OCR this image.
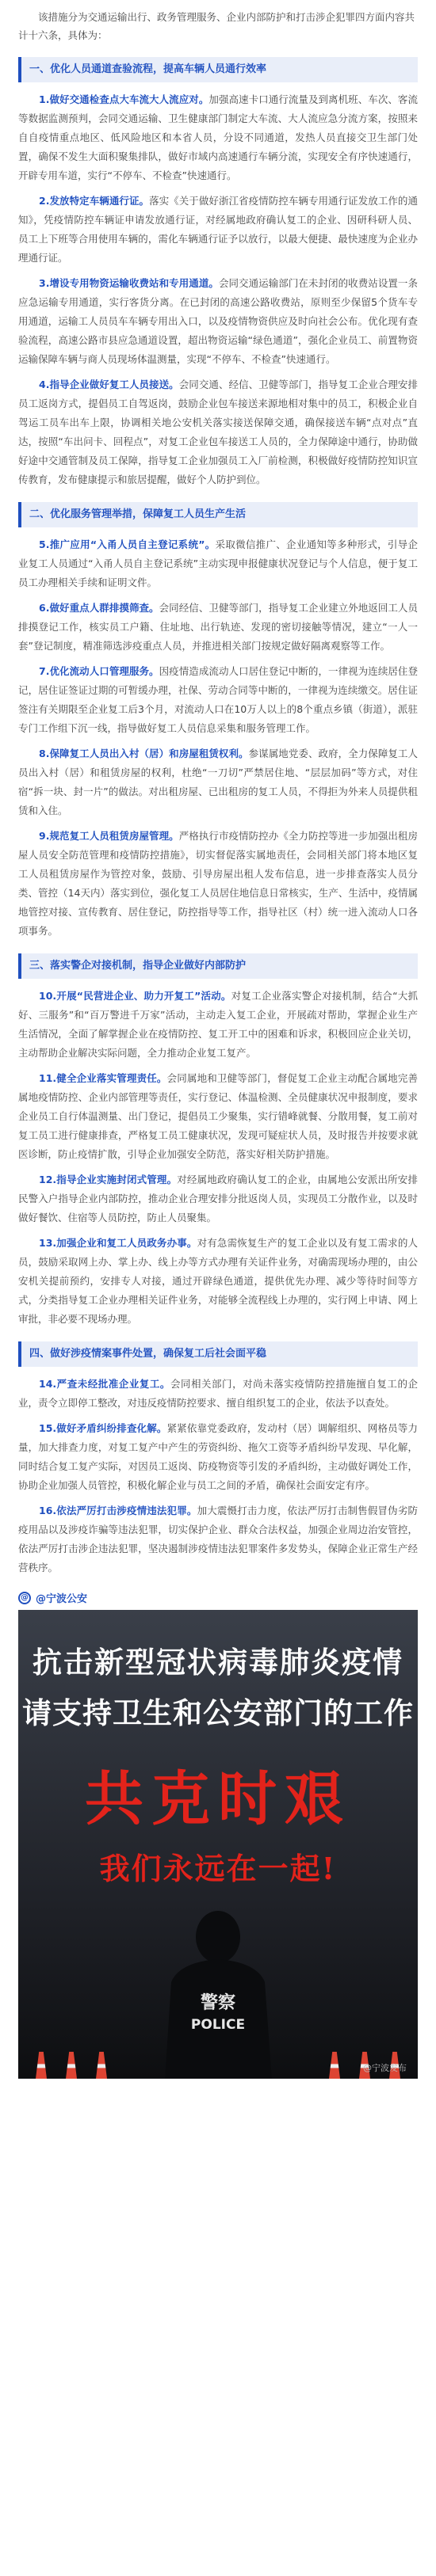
该措施分为交通运输出行、政务管理服务、企业内部防护和打击涉企犯罪四方面内容共计十六条，具体为：

一、优化人员通道查验流程，提高车辆人员通行效率

1.做好交通检查点大车流大人流应对。加强高速卡口通行流量及到离机班、车次、客流等数据监测预判，会同交通运输、卫生健康部门制定大车流、大人流应急分流方案，按照来自自疫情重点地区、低风险地区和本省人员，分设不同通道，发热人员直接交卫生部门处置，确保不发生大面积聚集排队，做好市域内高速通行车辆分流，实现安全有序快速通行，开辟专用车道，实行“不停车、不检查”快速通行。

2.发放特定车辆通行证。落实《关于做好浙江省疫情防控车辆专用通行证发放工作的通知》，凭疫情防控车辆证申请发放通行证，对经属地政府确认复工的企业、因研科研人员、员工上下班等合用使用车辆的，需化车辆通行证予以放行，以最大便捷、最快速度为企业办理通行证。

3.增设专用物资运输收费站和专用通道。会同交通运输部门在未封闭的收费站设置一条应急运输专用通道，实行客货分离。在已封闭的高速公路收费站，原则至少保留5个货车专用通道，运输工人员员车车辆专用出入口，以及疫情物资供应及时向社会公布。优化现有查验流程，高速公路市县应急通道设置，超出物资运输“绿色通道”，强化企业员工、前置物资运输保障车辆与商人员现场体温测量，实现“不停车、不检查”快速通行。

4.指导企业做好复工人员接送。会同交通、经信、卫健等部门，指导复工企业合理安排员工返岗方式，提倡员工自驾返岗，鼓励企业包车接送来源地相对集中的员工，积极企业自驾运工员车出车上限，协调相关地公安机关落实接送保障交通，确保接送车辆“点对点”直达，按照“车出问卡、回程点”，对复工企业包车接送工人员的，全力保障途中通行，协助做好途中交通管制及员工保障，指导复工企业加强员工入厂前检测，积极做好疫情防控知识宣传教育，发布健康提示和旅居提醒，做好个人防护到位。

二、优化服务管理举措，保障复工人员生产生活

5.推广应用“入甬人员自主登记系统”。采取微信推广、企业通知等多种形式，引导企业复工人员通过“入甬人员自主登记系统”主动实现申报健康状况登记与个人信息，便于复工员工办理相关手续和证明文件。

6.做好重点人群排摸筛查。会同经信、卫健等部门，指导复工企业建立外地返回工人员排摸登记工作，核实员工户籍、住址地、出行轨迹、发现的密切接触等情况，建立“一人一套”登记制度，精准筛选涉疫重点人员，并推进相关部门按规定做好隔离观察等工作。

7.优化流动人口管理服务。因疫情造成流动人口居住登记中断的，一律视为连续居住登记，居住证签证过期的可暂缓办理，社保、劳动合同等中断的，一律视为连续缴交。居住证签注有关期限至企业复工后3个月，对流动人口在10万人以上的8个重点乡镇（街道），派驻专门工作组下沉一线，指导做好复工人员信息采集和服务管理工作。

8.保障复工人员出入村（居）和房屋租赁权利。参谋属地党委、政府，全力保障复工人员出入村（居）和租赁房屋的权利，杜绝“一刀切”严禁居住地、“层层加码”等方式，对住宿“拆一块、封一片”的做法。对出租房屋、已出租房的复工人员，不得拒为外来人员提供租赁和入住。

9.规范复工人员租赁房屋管理。严格执行市疫情防控办《全力防控等进一步加强出租房屋人员安全防范管理和疫情防控措施》，切实督促落实属地责任，会同相关部门将本地区复工人员租赁房屋作为管控对象，鼓励、引导房屋出租人发布信息，进一步排查落实人员分类、管控（14天内）落实到位，强化复工人员居住地信息日常核实，生产、生活中，疫情属地管控对接、宣传教育、居住登记，防控指导等工作，指导社区（村）统一进入流动人口各项事务。

三、落实警企对接机制，指导企业做好内部防护

10.开展“民营进企业、助力开复工”活动。对复工企业落实警企对接机制，结合“大抓好、三服务”和“百万警进千万家”活动，主动走入复工企业，开展疏对帮助，掌握企业生产生活情况，全面了解掌握企业在疫情防控、复工开工中的困难和诉求，积极回应企业关切，主动帮助企业解决实际问题，全力推动企业复工复产。

11.健全企业落实管理责任。会同属地和卫健等部门，督促复工企业主动配合属地完善属地疫情防控、企业内部管理等责任，实行登记、体温检测、全员健康状况申报制度，要求企业员工自行体温测量、出门登记，提倡员工少聚集，实行错峰就餐、分散用餐，复工前对复工员工进行健康排查，严格复工员工健康状况，发现可疑症状人员，及时报告并按要求就医诊断，防止疫情扩散，引导企业加强安全防范，落实好相关防护措施。

12.指导企业实施封闭式管理。对经属地政府确认复工的企业，由属地公安派出所安排民警入户指导企业内部防控，推动企业合理安排分批返岗人员，实现员工分散作业，以及时做好餐饮、住宿等人员防控，防止人员聚集。

13.加强企业和复工人员政务办事。对有急需恢复生产的复工企业以及有复工需求的人员，鼓励采取网上办、掌上办、线上办等方式办理有关证件业务，对确需现场办理的，由公安机关提前预约，安排专人对接，通过开辟绿色通道，提供优先办理、减少等待时间等方式，分类指导复工企业办理相关证件业务，对能够全流程线上办理的，实行网上申请、网上审批，非必要不现场办理。

四、做好涉疫情案事件处置，确保复工后社会面平稳

14.严查未经批准企业复工。会同相关部门，对尚未落实疫情防控措施擅自复工的企业，责令立即停工整改，对违反疫情防控要求、擅自组织复工的企业，依法予以查处。

15.做好矛盾纠纷排查化解。紧紧依靠党委政府，发动村（居）调解组织、网格员等力量，加大排查力度，对复工复产中产生的劳资纠纷、拖欠工资等矛盾纠纷早发现、早化解，同时结合复工复产实际，对因员工返岗、防疫物资等引发的矛盾纠纷，主动做好调处工作，协助企业加强人员管控，积极化解企业与员工之间的矛盾，确保社会面安定有序。

16.依法严厉打击涉疫情违法犯罪。加大震慑打击力度，依法严厉打击制售假冒伪劣防疫用品以及涉疫诈骗等违法犯罪，切实保护企业、群众合法权益，加强企业周边治安管控，依法严厉打击涉企违法犯罪，坚决遏制涉疫情违法犯罪案件多发势头，保障企业正常生产经营秩序。

@ @宁波公安
抗击新型冠状病毒肺炎疫情
请支持卫生和公安部门的工作
共克时艰
我们永远在一起!
警察
POLICE
@宁波发布
